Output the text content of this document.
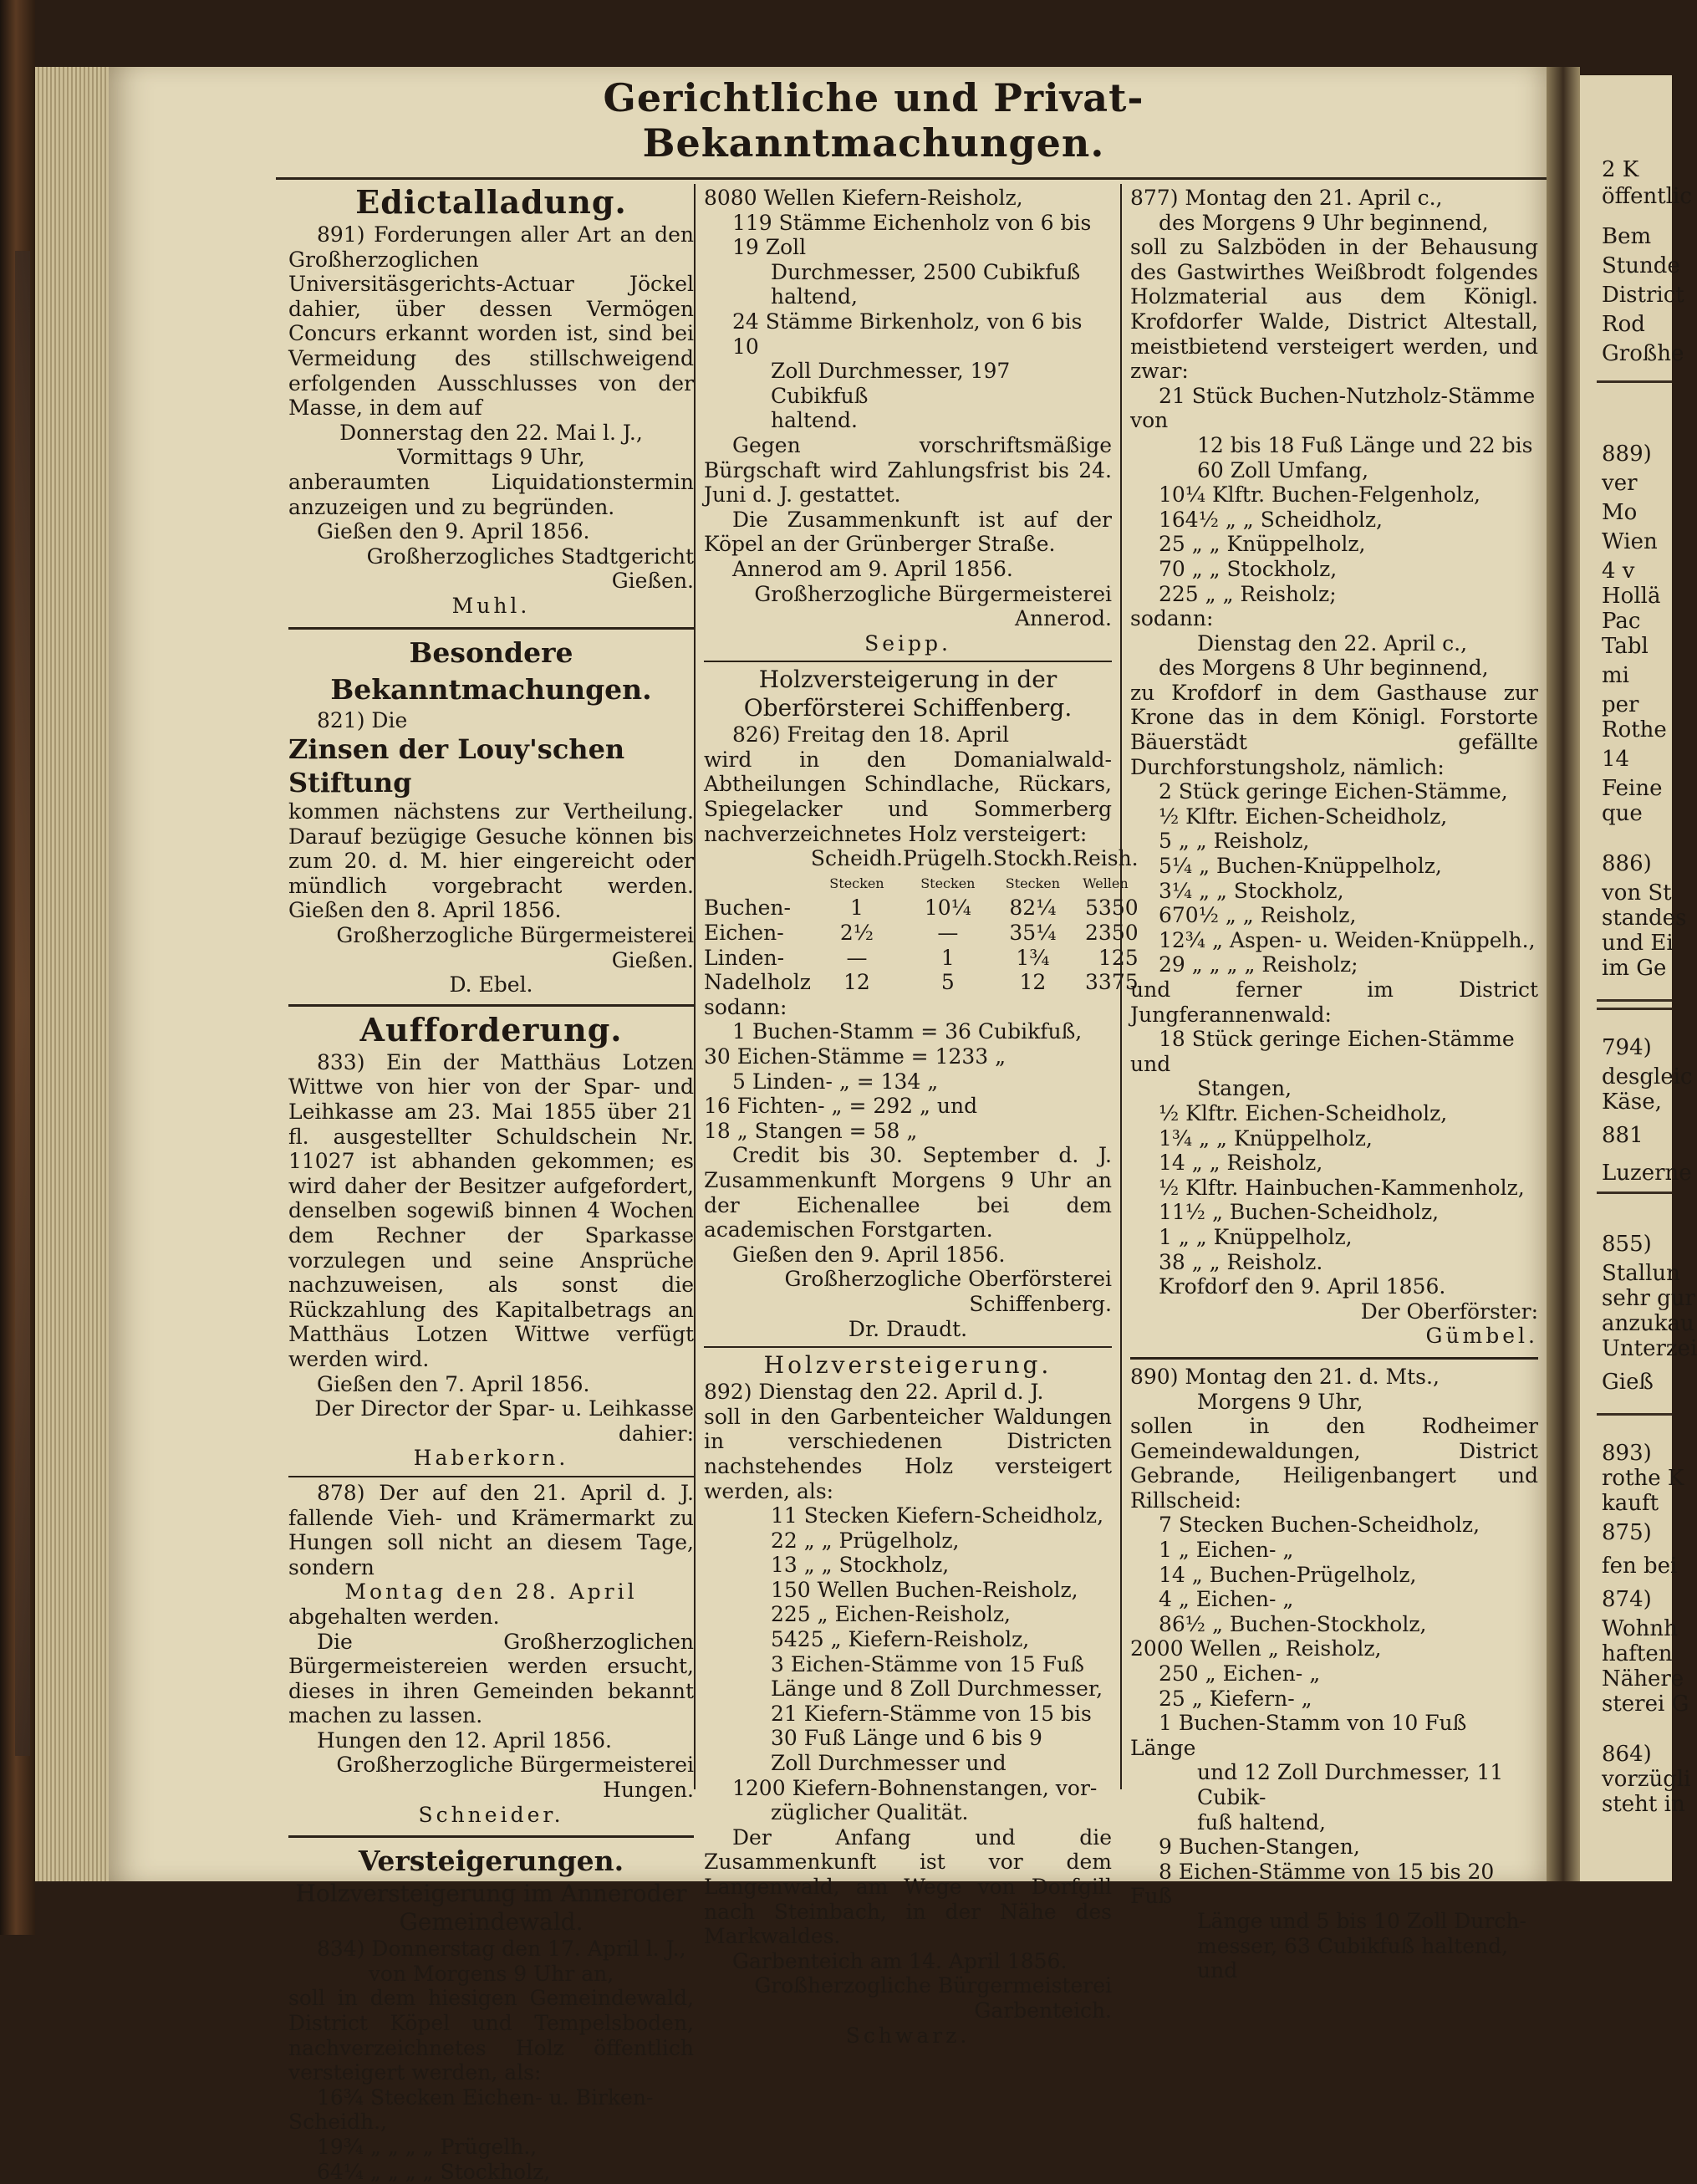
Gerichtliche und Privat-Bekanntmachungen.

Edictalladung.

891) Forderungen aller Art an den Großherzoglichen Universitäsgerichts-Actuar Jöckel dahier, über dessen Vermögen Concurs erkannt worden ist, sind bei Vermeidung des stillschweigend erfolgenden Ausschlusses von der Masse, in dem auf

Donnerstag den 22. Mai l. J.,

Vormittags 9 Uhr,

anberaumten Liquidationstermin anzuzeigen und zu begründen.

Gießen den 9. April 1856.

Großherzogliches Stadtgericht Gießen.

Muhl.

Besondere Bekanntmachungen.

821) Die

Zinsen der Louy'schen Stiftung

kommen nächstens zur Vertheilung. Darauf bezügige Gesuche können bis zum 20. d. M. hier eingereicht oder mündlich vorgebracht werden. Gießen den 8. April 1856.

Großherzogliche Bürgermeisterei Gießen.

D. Ebel.

Aufforderung.

833) Ein der Matthäus Lotzen Wittwe von hier von der Spar- und Leihkasse am 23. Mai 1855 über 21 fl. ausgestellter Schuldschein Nr. 11027 ist abhanden gekommen; es wird daher der Besitzer aufgefordert, denselben sogewiß binnen 4 Wochen dem Rechner der Sparkasse vorzulegen und seine Ansprüche nachzuweisen, als sonst die Rückzahlung des Kapitalbetrags an Matthäus Lotzen Wittwe verfügt werden wird.

Gießen den 7. April 1856.

Der Director der Spar- u. Leihkasse dahier:

Haberkorn.

878) Der auf den 21. April d. J. fallende Vieh- und Krämermarkt zu Hungen soll nicht an diesem Tage, sondern

Montag den 28. April

abgehalten werden.

Die Großherzoglichen Bürgermeistereien werden ersucht, dieses in ihren Gemeinden bekannt machen zu lassen.

Hungen den 12. April 1856.

Großherzogliche Bürgermeisterei Hungen.

Schneider.

Versteigerungen.

Holzversteigerung im Annerоder Gemeindewald.

834) Donnerstag den 17. April l. J.,

von Morgens 9 Uhr an,

soll in dem hiesigen Gemeindewald, District Köpel und Tempelsboden, nachverzeichnetes Holz öffentlich versteigert werden, als:

16¾ Stecken Eichen- u. Birken-Scheidh.,

19¾ „ „ „ „ Prügelh.,

64¼ „ „ „ „ Stockholz,

8080 Wellen Kiefern-Reisholz,

119 Stämme Eichenholz von 6 bis 19 Zoll

Durchmesser, 2500 Cubikfuß haltend,

24 Stämme Birkenholz, von 6 bis 10

Zoll Durchmesser, 197 Cubikfuß

haltend.

Gegen vorschriftsmäßige Bürgschaft wird Zahlungsfrist bis 24. Juni d. J. gestattet.

Die Zusammenkunft ist auf der Köpel an der Grünberger Straße.

Annerod am 9. April 1856.

Großherzogliche Bürgermeisterei Annerod.

Seipp.

Holzversteigerung in der Oberförsterei Schiffenberg.

826) Freitag den 18. April

wird in den Domanialwald-Abtheilungen Schindlache, Rückars, Spiegelacker und Sommerberg nachverzeichnetes Holz versteigert:

	Scheidh.	Prügelh.	Stockh.	Reish.
	Stecken	Stecken	Stecken	Wellen
Buchen-	1	10¼	82¼	5350
Eichen-	2½	—	35¼	2350
Linden-	—	1	1¾	125
Nadelholz	12	5	12	3375

sodann:

1 Buchen-Stamm = 36 Cubikfuß,

30 Eichen-Stämme = 1233 „

5 Linden- „ = 134 „

16 Fichten- „ = 292 „ und

18 „ Stangen = 58 „

Credit bis 30. September d. J. Zusammenkunft Morgens 9 Uhr an der Eichenallee bei dem academischen Forstgarten.

Gießen den 9. April 1856.

Großherzogliche Oberförsterei Schiffenberg.

Dr. Draudt.

Holzversteigerung.

892) Dienstag den 22. April d. J.

soll in den Garbenteicher Waldungen in verschiedenen Districten nachstehendes Holz versteigert werden, als:

11 Stecken Kiefern-Scheidholz,

22 „ „ Prügelholz,

13 „ „ Stockholz,

150 Wellen Buchen-Reisholz,

225 „ Eichen-Reisholz,

5425 „ Kiefern-Reisholz,

3 Eichen-Stämme von 15 Fuß

Länge und 8 Zoll Durchmesser,

21 Kiefern-Stämme von 15 bis

30 Fuß Länge und 6 bis 9

Zoll Durchmesser und

1200 Kiefern-Bohnenstangen, vor-

züglicher Qualität.

Der Anfang und die Zusammenkunft ist vor dem Langenwald, am Wege von Dorfgill nach Steinbach, in der Nähe des Markwaldes.

Garbenteich am 14. April 1856.

Großherzogliche Bürgermeisterei Garbenteich.

Schwarz.

877) Montag den 21. April c.,

des Morgens 9 Uhr beginnend,

soll zu Salzböden in der Behausung des Gastwirthes Weißbrodt folgendes Holzmaterial aus dem Königl. Krofdorfer Walde, District Altestall, meistbietend versteigert werden, und zwar:

21 Stück Buchen-Nutzholz-Stämme von

12 bis 18 Fuß Länge und 22 bis

60 Zoll Umfang,

10¼ Klftr. Buchen-Felgenholz,

164½ „ „ Scheidholz,

25 „ „ Knüppelholz,

70 „ „ Stockholz,

225 „ „ Reisholz;

sodann:

Dienstag den 22. April c.,

des Morgens 8 Uhr beginnend,

zu Krofdorf in dem Gasthause zur Krone das in dem Königl. Forstorte Bäuerstädt gefällte Durchforstungsholz, nämlich:

2 Stück geringe Eichen-Stämme,

½ Klftr. Eichen-Scheidholz,

5 „ „ Reisholz,

5¼ „ Buchen-Knüppelholz,

3¼ „ „ Stockholz,

670½ „ „ Reisholz,

12¾ „ Aspen- u. Weiden-Knüppelh.,

29 „ „ „ „ Reisholz;

und ferner im District Jungferannenwald:

18 Stück geringe Eichen-Stämme und

Stangen,

½ Klftr. Eichen-Scheidholz,

1¾ „ „ Knüppelholz,

14 „ „ Reisholz,

½ Klftr. Hainbuchen-Kammenholz,

11½ „ Buchen-Scheidholz,

1 „ „ Knüppelholz,

38 „ „ Reisholz.

Krofdorf den 9. April 1856.

Der Oberförster:

Gümbel.

890) Montag den 21. d. Mts.,

Morgens 9 Uhr,

sollen in den Rodheimer Gemeindewaldungen, District Gebrande, Heiligenbangert und Rillscheid:

7 Stecken Buchen-Scheidholz,

1 „ Eichen- „

14 „ Buchen-Prügelholz,

4 „ Eichen- „

86½ „ Buchen-Stockholz,

2000 Wellen „ Reisholz,

250 „ Eichen- „

25 „ Kiefern- „

1 Buchen-Stamm von 10 Fuß Länge

und 12 Zoll Durchmesser, 11 Cubik-

fuß haltend,

9 Buchen-Stangen,

8 Eichen-Stämme von 15 bis 20 Fuß

Länge und 5 bis 10 Zoll Durch-

messer, 63 Cubikfuß haltend, und

2 K
öffentlic
Bem
Stunde
District
Rod
Großhe
889)
ver
Mo
Wien
4 v
Hollä
Pac
Tabl
mi
per
Rothe
14
Feine
que
886)
von St
standes
und Ei
im Ge
794)
desgleic
Käse,
881
Luzerne
855)
Stallun
sehr gur
anzukau
Unterzei
Gieß
893)
rothe K
kauft
875)
fen bei
874)
Wohnh
haften
Nähere
sterei G
864)
vorzügli
steht in
